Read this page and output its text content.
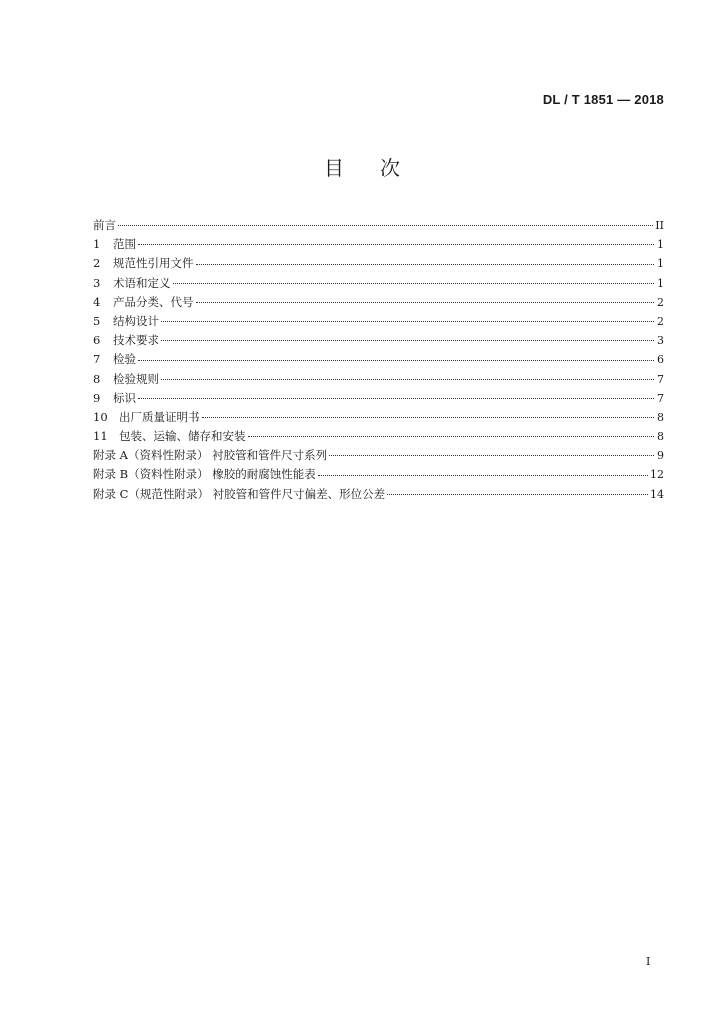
DL / T 1851 — 2018
目次
前言	II
1	范围	1
2	规范性引用文件	1
3	术语和定义	1
4	产品分类、代号	2
5	结构设计	2
6	技术要求	3
7	检验	6
8	检验规则	7
9	标识	7
10 出厂质量证明书	8
11 包装、运输、储存和安装	8
附录 A（资料性附录） 衬胶管和管件尺寸系列	9
附录 B（资料性附录） 橡胶的耐腐蚀性能表	12
附录 C（规范性附录） 衬胶管和管件尺寸偏差、形位公差	14
I
